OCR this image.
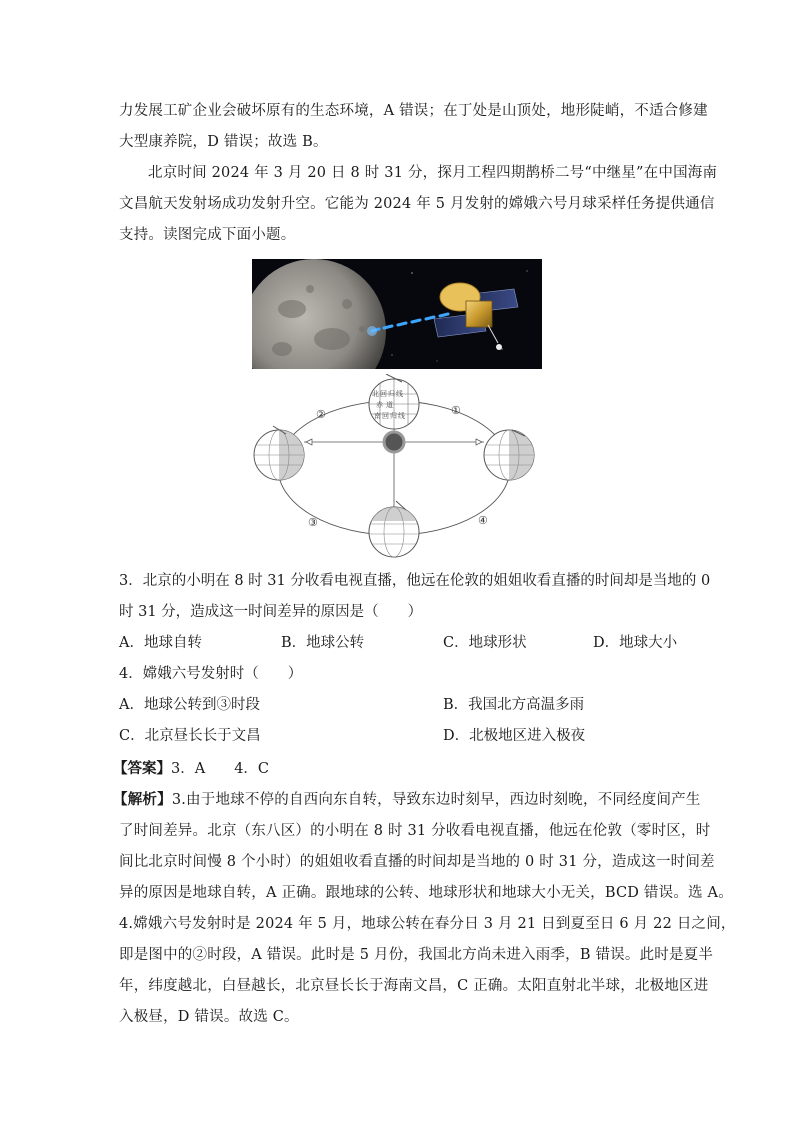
力发展工矿企业会破坏原有的生态环境，A 错误；在丁处是山顶处，地形陡峭，不适合修建
大型康养院，D 错误；故选 B。
北京时间 2024 年 3 月 20 日 8 时 31 分，探月工程四期鹊桥二号“中继星”在中国海南
文昌航天发射场成功发射升空。它能为 2024 年 5 月发射的嫦娥六号月球采样任务提供通信
支持。读图完成下面小题。
北 回 归 线
赤 道
南 回 归 线
②	①
③	④
3．北京的小明在 8 时 31 分收看电视直播，他远在伦敦的姐姐收看直播的时间却是当地的 0
时 31 分，造成这一时间差异的原因是（　　）
A．地球自转	B．地球公转	C．地球形状	D．地球大小
4．嫦娥六号发射时（　　）
A．地球公转到③时段	B．我国北方高温多雨
C．北京昼长长于文昌	D．北极地区进入极夜
【答案】3．A　　4．C
【解析】3.由于地球不停的自西向东自转，导致东边时刻早，西边时刻晚，不同经度间产生
了时间差异。北京（东八区）的小明在 8 时 31 分收看电视直播，他远在伦敦（零时区，时
间比北京时间慢 8 个小时）的姐姐收看直播的时间却是当地的 0 时 31 分，造成这一时间差
异的原因是地球自转，A 正确。跟地球的公转、地球形状和地球大小无关，BCD 错误。选 A。
4.嫦娥六号发射时是 2024 年 5 月，地球公转在春分日 3 月 21 日到夏至日 6 月 22 日之间，
即是图中的②时段，A 错误。此时是 5 月份，我国北方尚未进入雨季，B 错误。此时是夏半
年，纬度越北，白昼越长，北京昼长长于海南文昌，C 正确。太阳直射北半球，北极地区进
入极昼，D 错误。故选 C。
